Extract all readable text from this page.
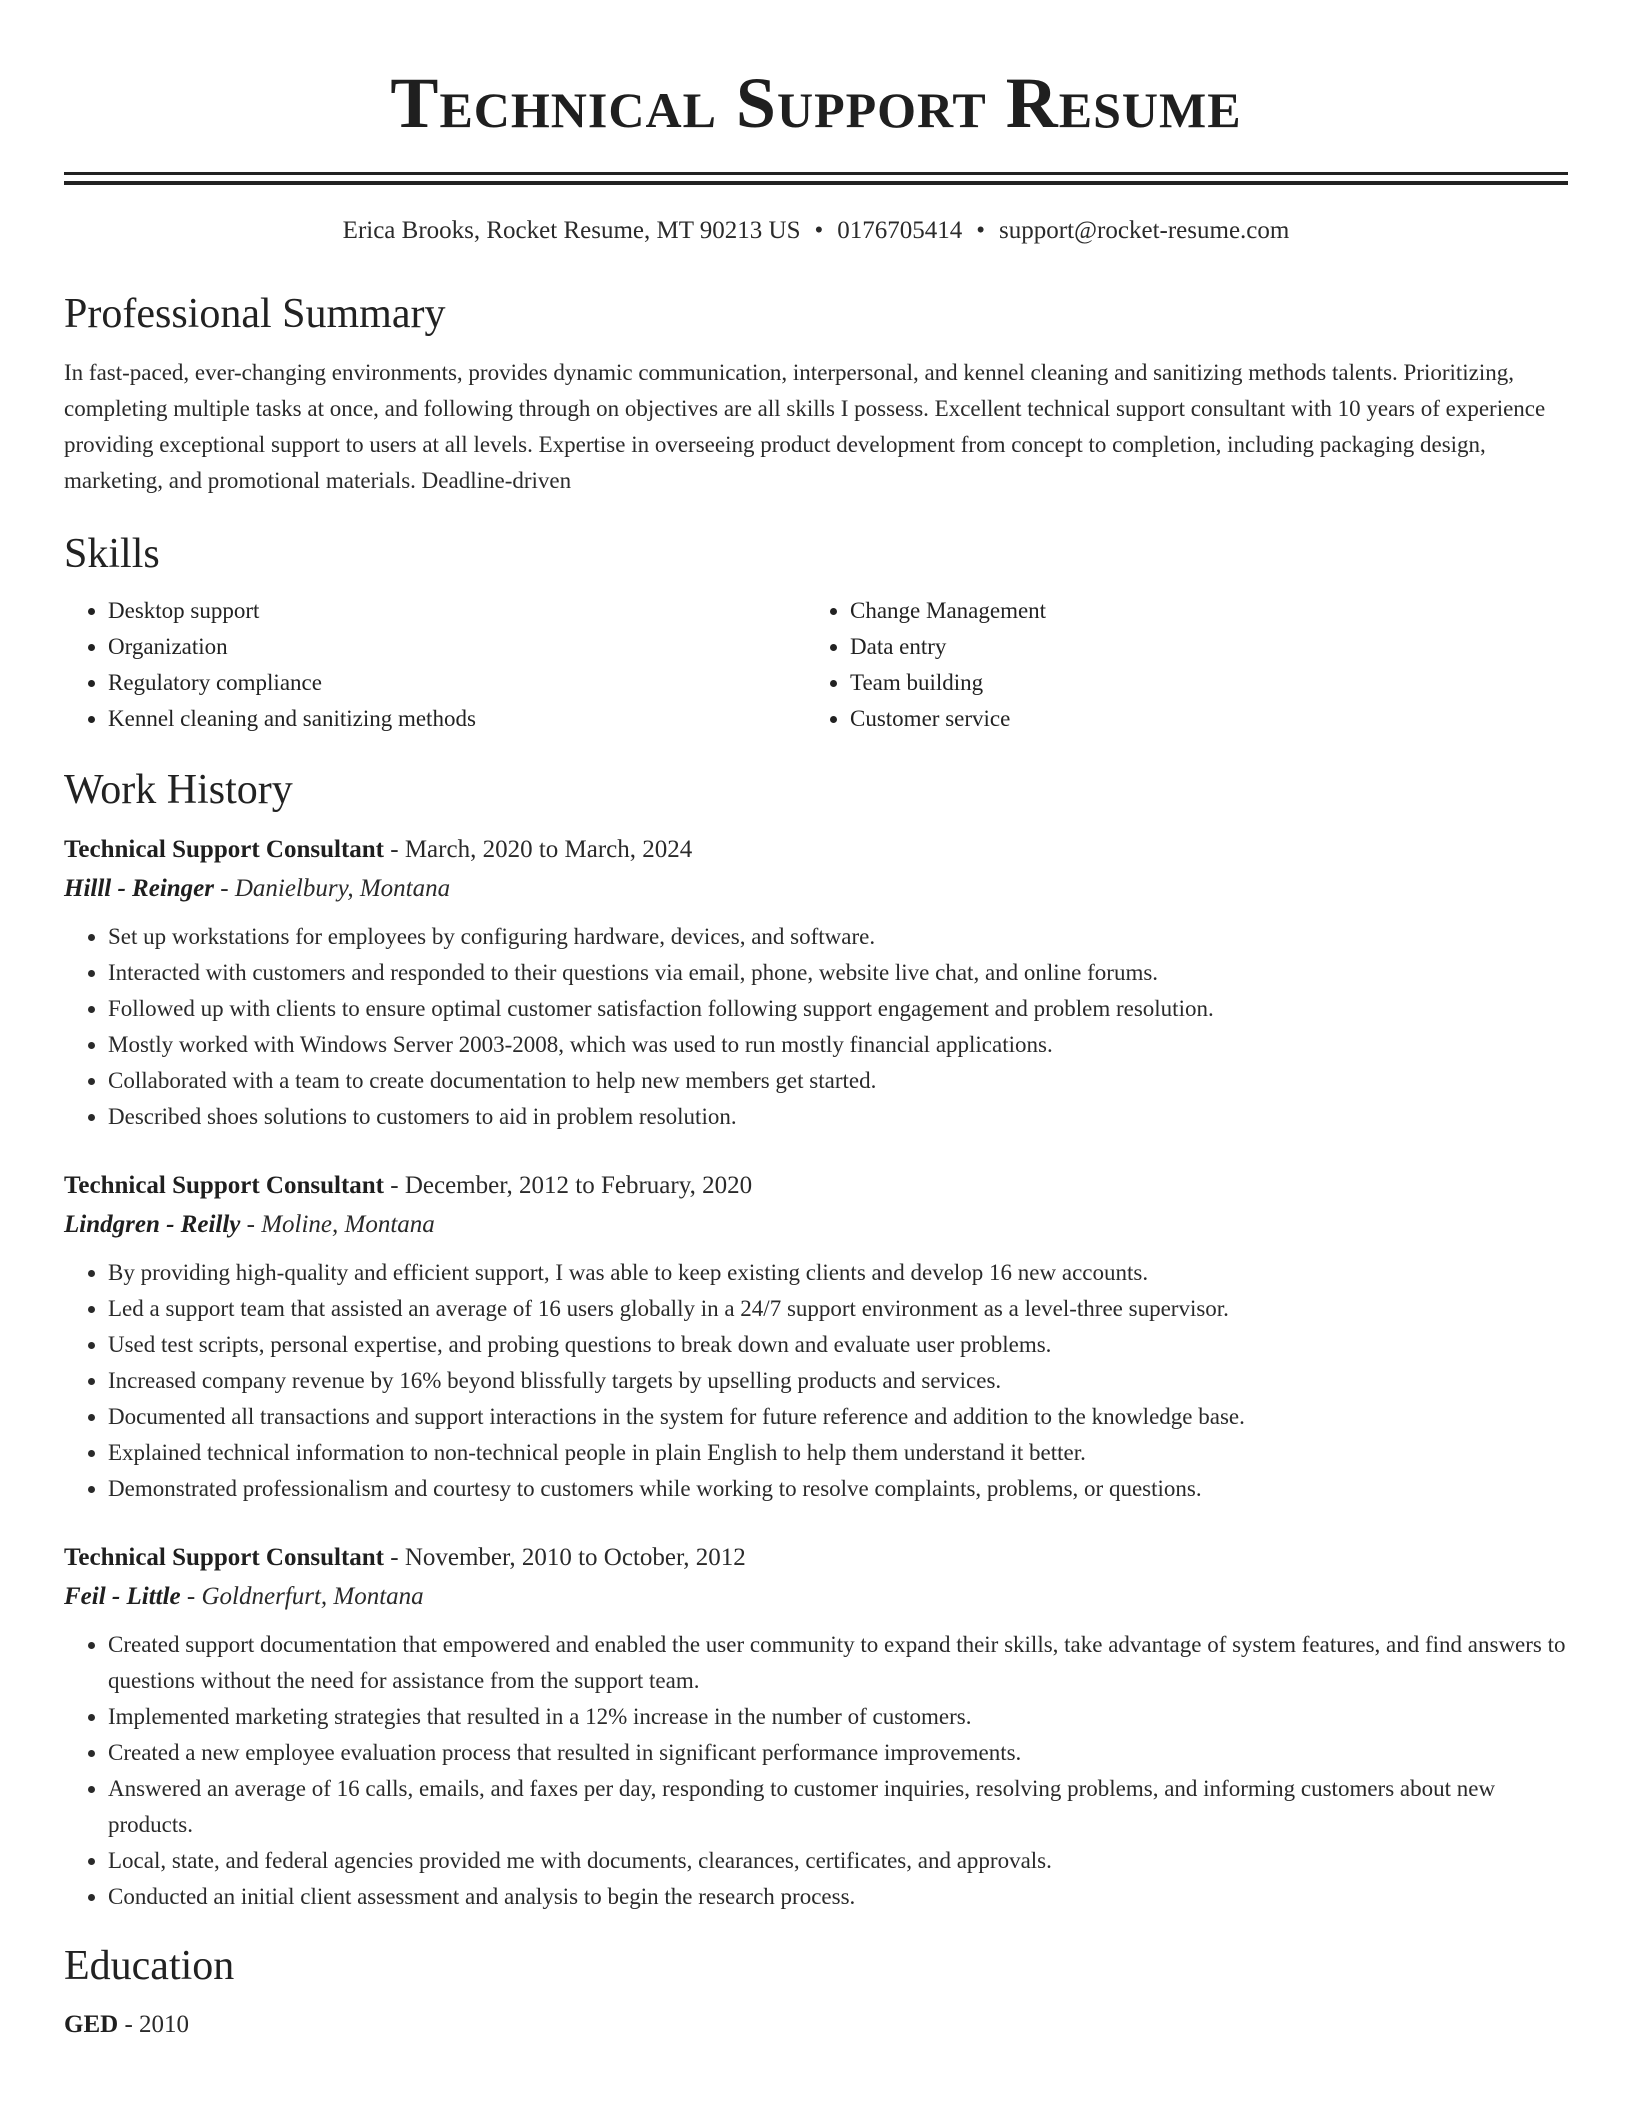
Technical Support Resume
Erica Brooks, Rocket Resume, MT 90213 US • 0176705414 • support@rocket-resume.com
Professional Summary

In fast-paced, ever-changing environments, provides dynamic communication, interpersonal, and kennel cleaning and sanitizing methods talents. Prioritizing, completing multiple tasks at once, and following through on objectives are all skills I possess. Excellent technical support consultant with 10 years of experience providing exceptional support to users at all levels. Expertise in overseeing product development from concept to completion, including packaging design, marketing, and promotional materials. Deadline-driven

Skills
• Desktop support
• Organization
• Regulatory compliance
• Kennel cleaning and sanitizing methods
• Change Management
• Data entry
• Team building
• Customer service
Work History
Technical Support Consultant - March, 2020 to March, 2024
Hilll - Reinger - Danielbury, Montana
• Set up workstations for employees by configuring hardware, devices, and software.
• Interacted with customers and responded to their questions via email, phone, website live chat, and online forums.
• Followed up with clients to ensure optimal customer satisfaction following support engagement and problem resolution.
• Mostly worked with Windows Server 2003-2008, which was used to run mostly financial applications.
• Collaborated with a team to create documentation to help new members get started.
• Described shoes solutions to customers to aid in problem resolution.
Technical Support Consultant - December, 2012 to February, 2020
Lindgren - Reilly - Moline, Montana
• By providing high-quality and efficient support, I was able to keep existing clients and develop 16 new accounts.
• Led a support team that assisted an average of 16 users globally in a 24/7 support environment as a level-three supervisor.
• Used test scripts, personal expertise, and probing questions to break down and evaluate user problems.
• Increased company revenue by 16% beyond blissfully targets by upselling products and services.
• Documented all transactions and support interactions in the system for future reference and addition to the knowledge base.
• Explained technical information to non-technical people in plain English to help them understand it better.
• Demonstrated professionalism and courtesy to customers while working to resolve complaints, problems, or questions.
Technical Support Consultant - November, 2010 to October, 2012
Feil - Little - Goldnerfurt, Montana
• Created support documentation that empowered and enabled the user community to expand their skills, take advantage of system features, and find answers to questions without the need for assistance from the support team.
• Implemented marketing strategies that resulted in a 12% increase in the number of customers.
• Created a new employee evaluation process that resulted in significant performance improvements.
• Answered an average of 16 calls, emails, and faxes per day, responding to customer inquiries, resolving problems, and informing customers about new products.
• Local, state, and federal agencies provided me with documents, clearances, certificates, and approvals.
• Conducted an initial client assessment and analysis to begin the research process.
Education
GED - 2010
